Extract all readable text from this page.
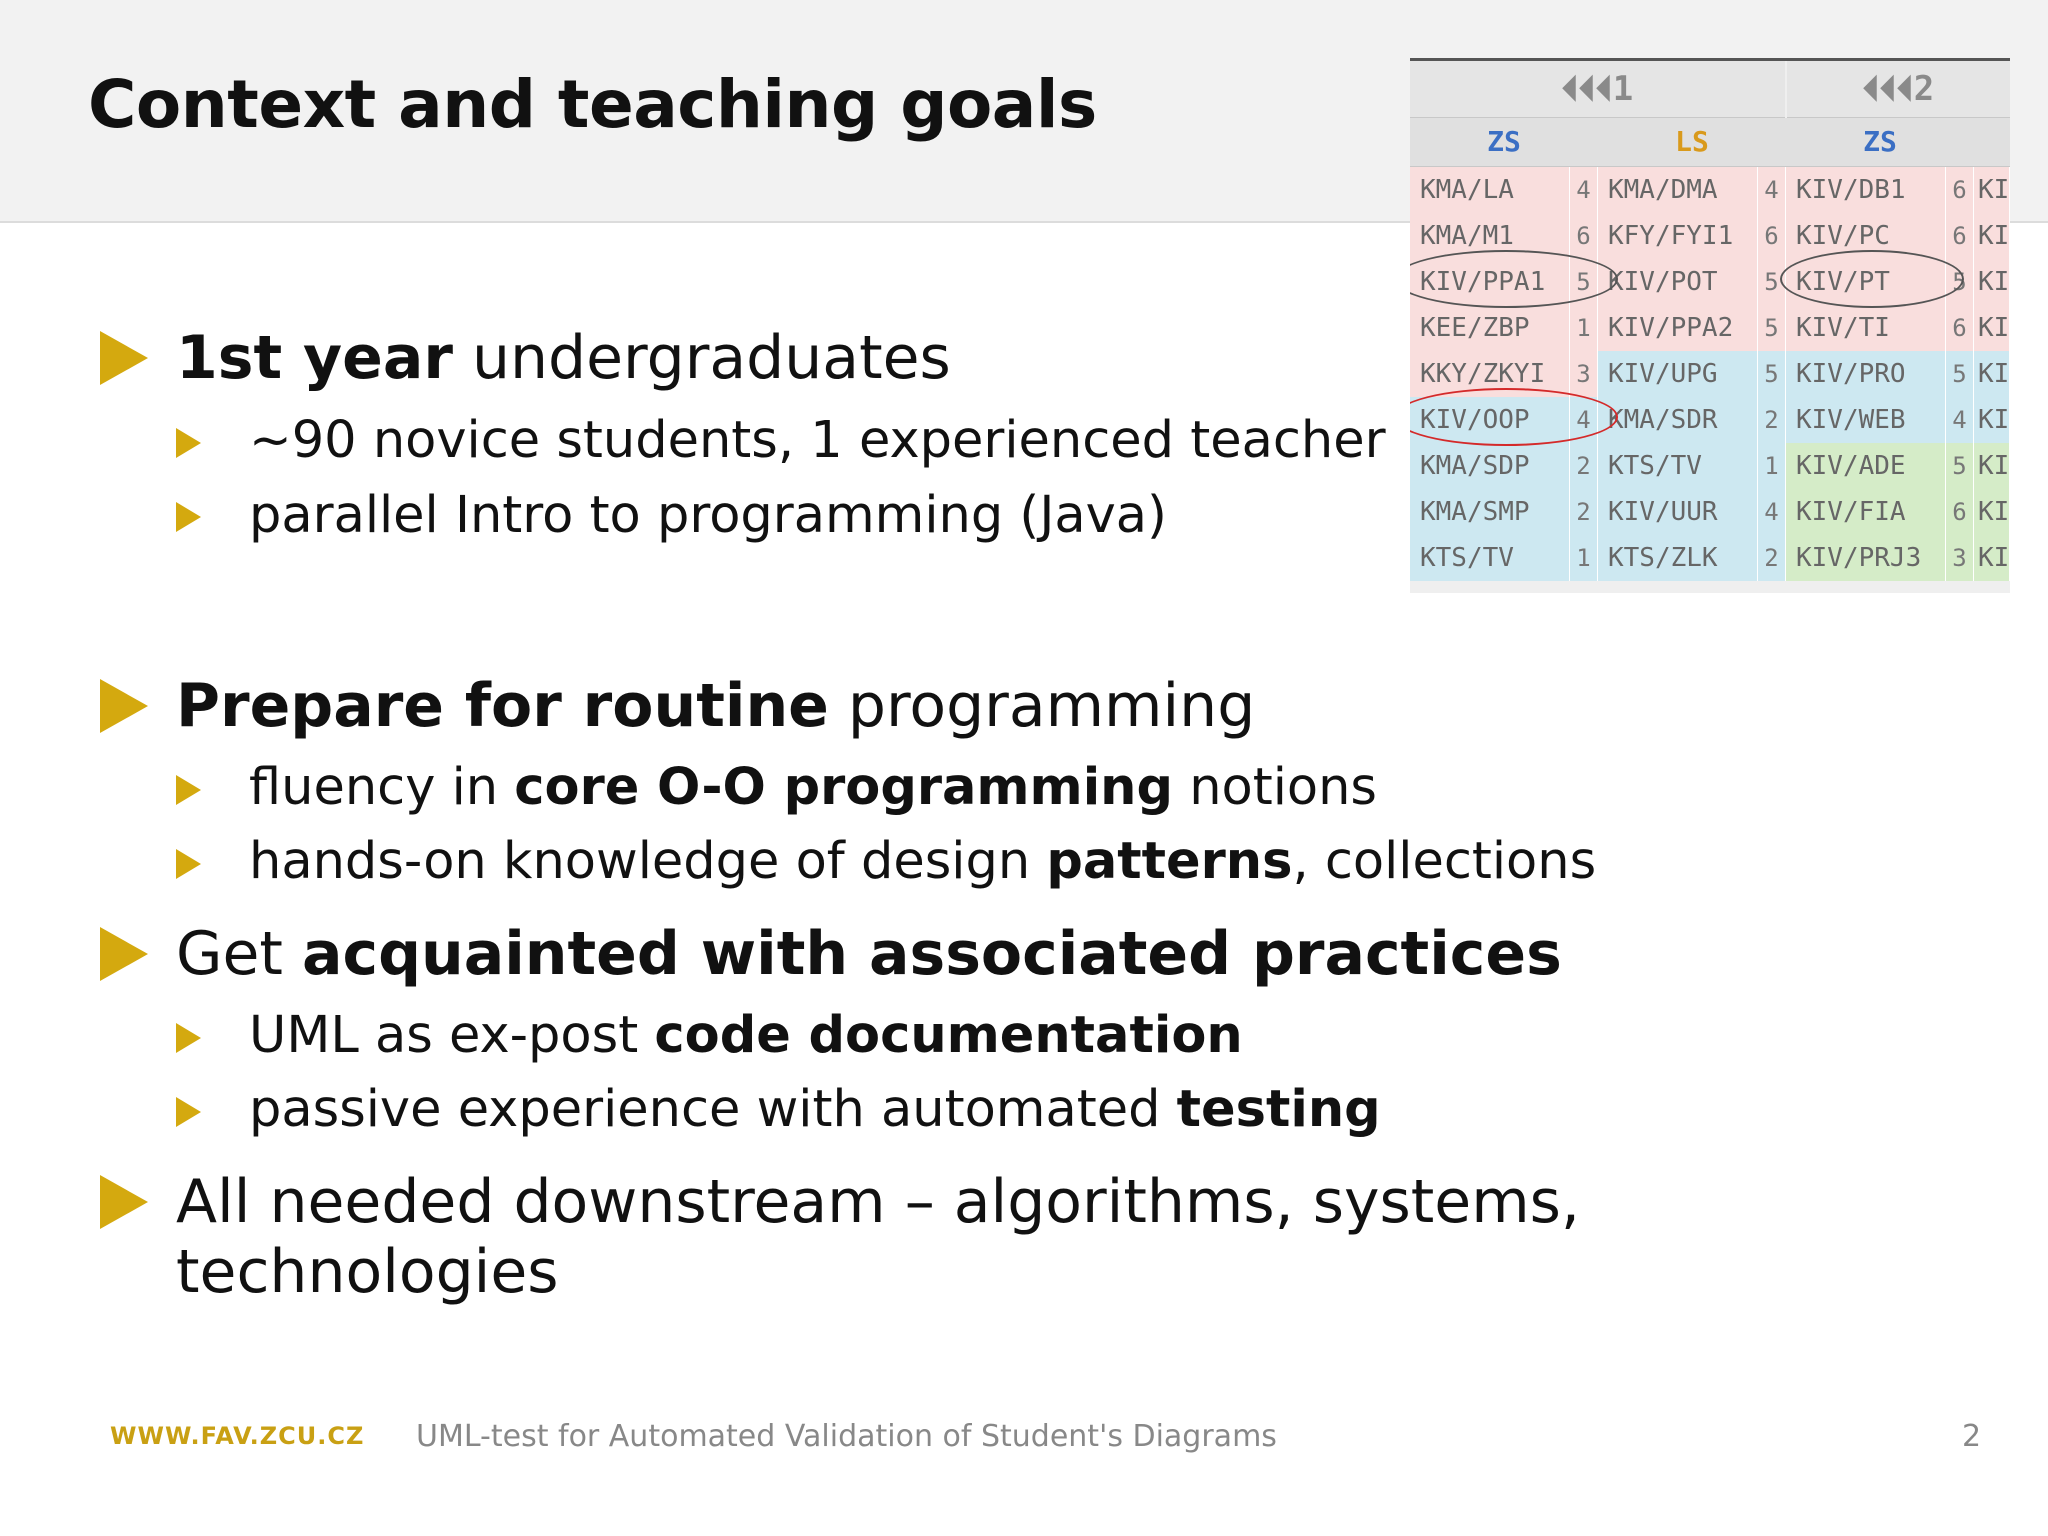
Context and teaching goals
1st year undergraduates
~90 novice students, 1 experienced teacher
parallel Intro to programming (Java)
Prepare for routine programming
fluency in core O-O programming notions
hands-on knowledge of design patterns, collections
Get acquainted with associated practices
UML as ex-post code documentation
passive experience with automated testing
All needed downstream – algorithms, systems,
technologies
⏴⏴⏴1	⏴⏴⏴2
ZS	LS	ZS
KMA/LA	4 KMA/DMA	4 KIV/DB1	6 KI
KMA/M1	6 KFY/FYI1	6 KIV/PC	6 KI
KIV/PPA1	5 KIV/POT	5 KIV/PT	5 KI
KEE/ZBP	1 KIV/PPA2	5 KIV/TI	6 KI
KKY/ZKYI	3 KIV/UPG	5 KIV/PRO	5 KI
KIV/OOP	4 KMA/SDR	2 KIV/WEB	4 KI
KMA/SDP	2 KTS/TV	1 KIV/ADE	5 KI
KMA/SMP	2 KIV/UUR	4 KIV/FIA	6 KI
KTS/TV	1 KTS/ZLK	2 KIV/PRJ3	3 KI
WWW.FAV.ZCU.CZ UML-test for Automated Validation of Student's Diagrams	2
